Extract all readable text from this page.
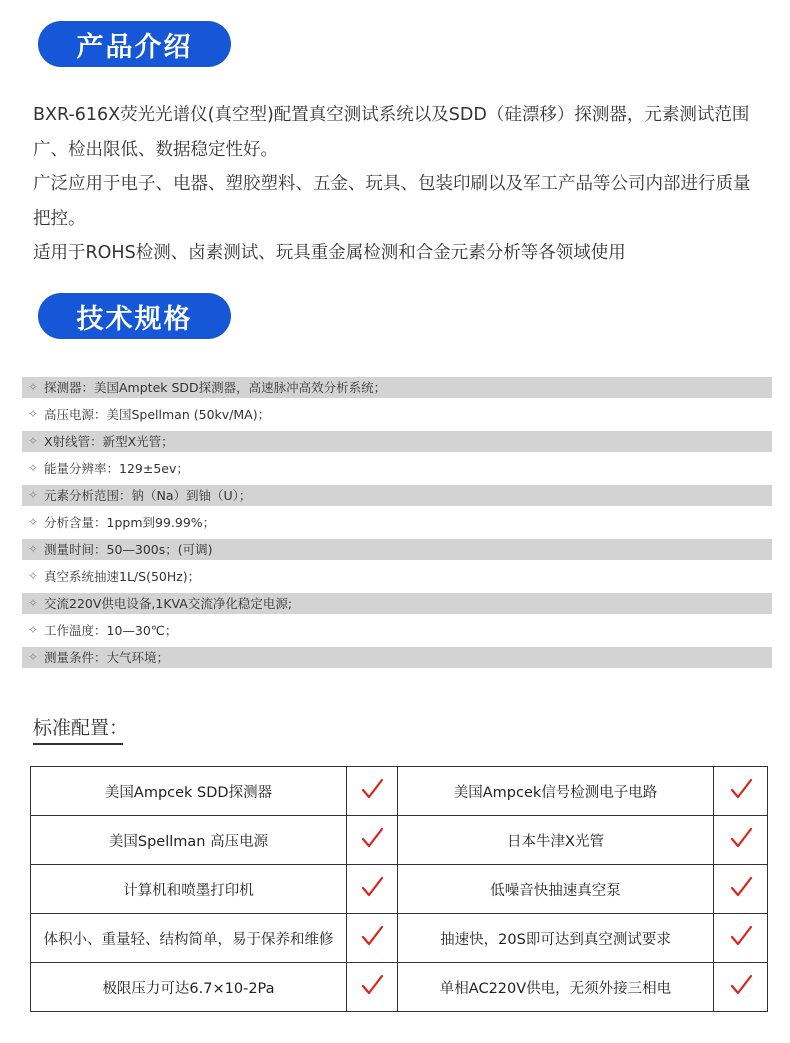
产品介绍

BXR-616X荧光光谱仪(真空型)配置真空测试系统以及SDD（硅漂移）探测器，元素测试范围广、检出限低、数据稳定性好。

广泛应用于电子、电器、塑胶塑料、五金、玩具、包装印刷以及军工产品等公司内部进行质量把控。

适用于ROHS检测、卤素测试、玩具重金属检测和合金元素分析等各领域使用

技术规格
✧ 探测器：美国Amptek SDD探测器，高速脉冲高效分析系统；
✧ 高压电源：美国Spellman (50kv/MA)；
✧ X射线管：新型X光管；
✧ 能量分辨率：129±5ev；
✧ 元素分析范围：钠（Na）到铀（U）；
✧ 分析含量：1ppm到99.99%；
✧ 测量时间：50—300s；(可调)
✧ 真空系统抽速1L/S(50Hz)；
✧ 交流220V供电设备,1KVA交流净化稳定电源;
✧ 工作温度：10—30℃；
✧ 测量条件：大气环境；
标准配置：
美国Ampcek SDD探测器		美国Ampcek信号检测电子电路	
美国Spellman 高压电源		日本牛津X光管	
计算机和喷墨打印机		低噪音快抽速真空泵	
体积小、重量轻、结构简单，易于保养和维修		抽速快，20S即可达到真空测试要求	
极限压力可达6.7×10-2Pa		单相AC220V供电，无须外接三相电	
